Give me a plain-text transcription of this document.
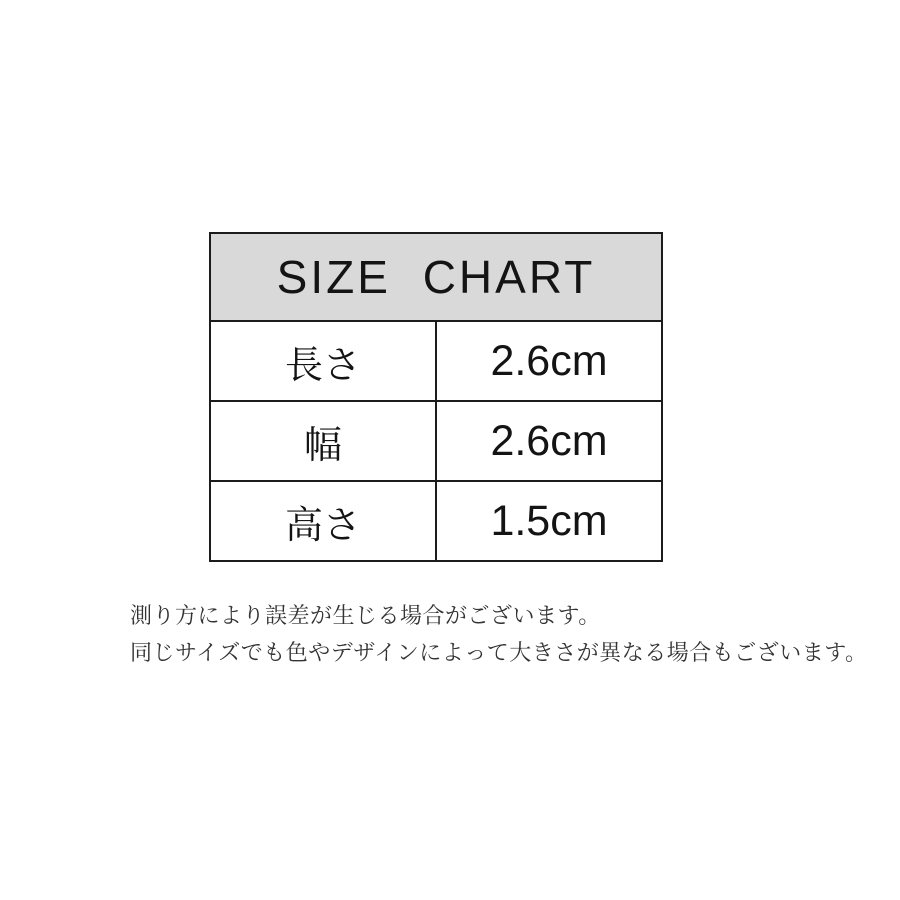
SIZE CHART	
長さ	2.6cm
幅	2.6cm
高さ	1.5cm

測り方により誤差が生じる場合がございます。

同じサイズでも色やデザインによって大きさが異なる場合もございます。
